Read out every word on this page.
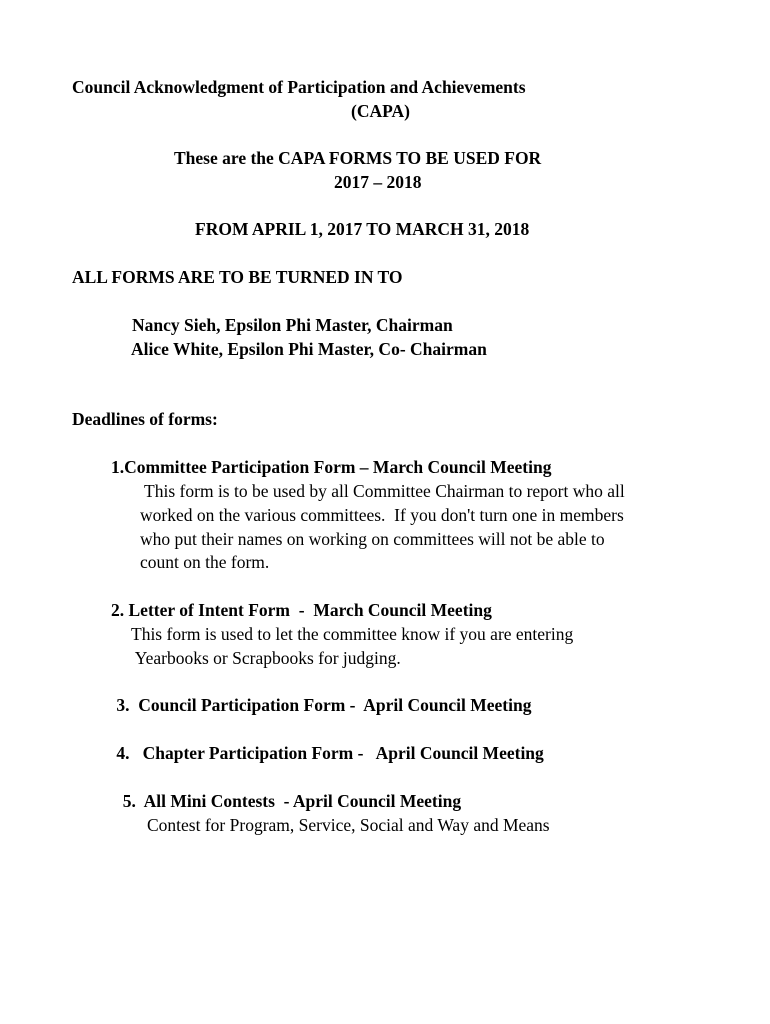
Council Acknowledgment of Participation and Achievements

(CAPA)

These are the CAPA FORMS TO BE USED FOR

2017 – 2018

FROM APRIL 1, 2017 TO MARCH 31, 2018

ALL FORMS ARE TO BE TURNED IN TO

Nancy Sieh, Epsilon Phi Master, Chairman

Alice White, Epsilon Phi Master, Co- Chairman

Deadlines of forms:

1.Committee Participation Form – March Council Meeting

This form is to be used by all Committee Chairman to report who all

worked on the various committees.  If you don't turn one in members

who put their names on working on committees will not be able to

count on the form.

2. Letter of Intent Form  -  March Council Meeting

This form is used to let the committee know if you are entering

Yearbooks or Scrapbooks for judging.

3.  Council Participation Form -  April Council Meeting

4.   Chapter Participation Form -   April Council Meeting

5.  All Mini Contests  - April Council Meeting

Contest for Program, Service, Social and Way and Means
